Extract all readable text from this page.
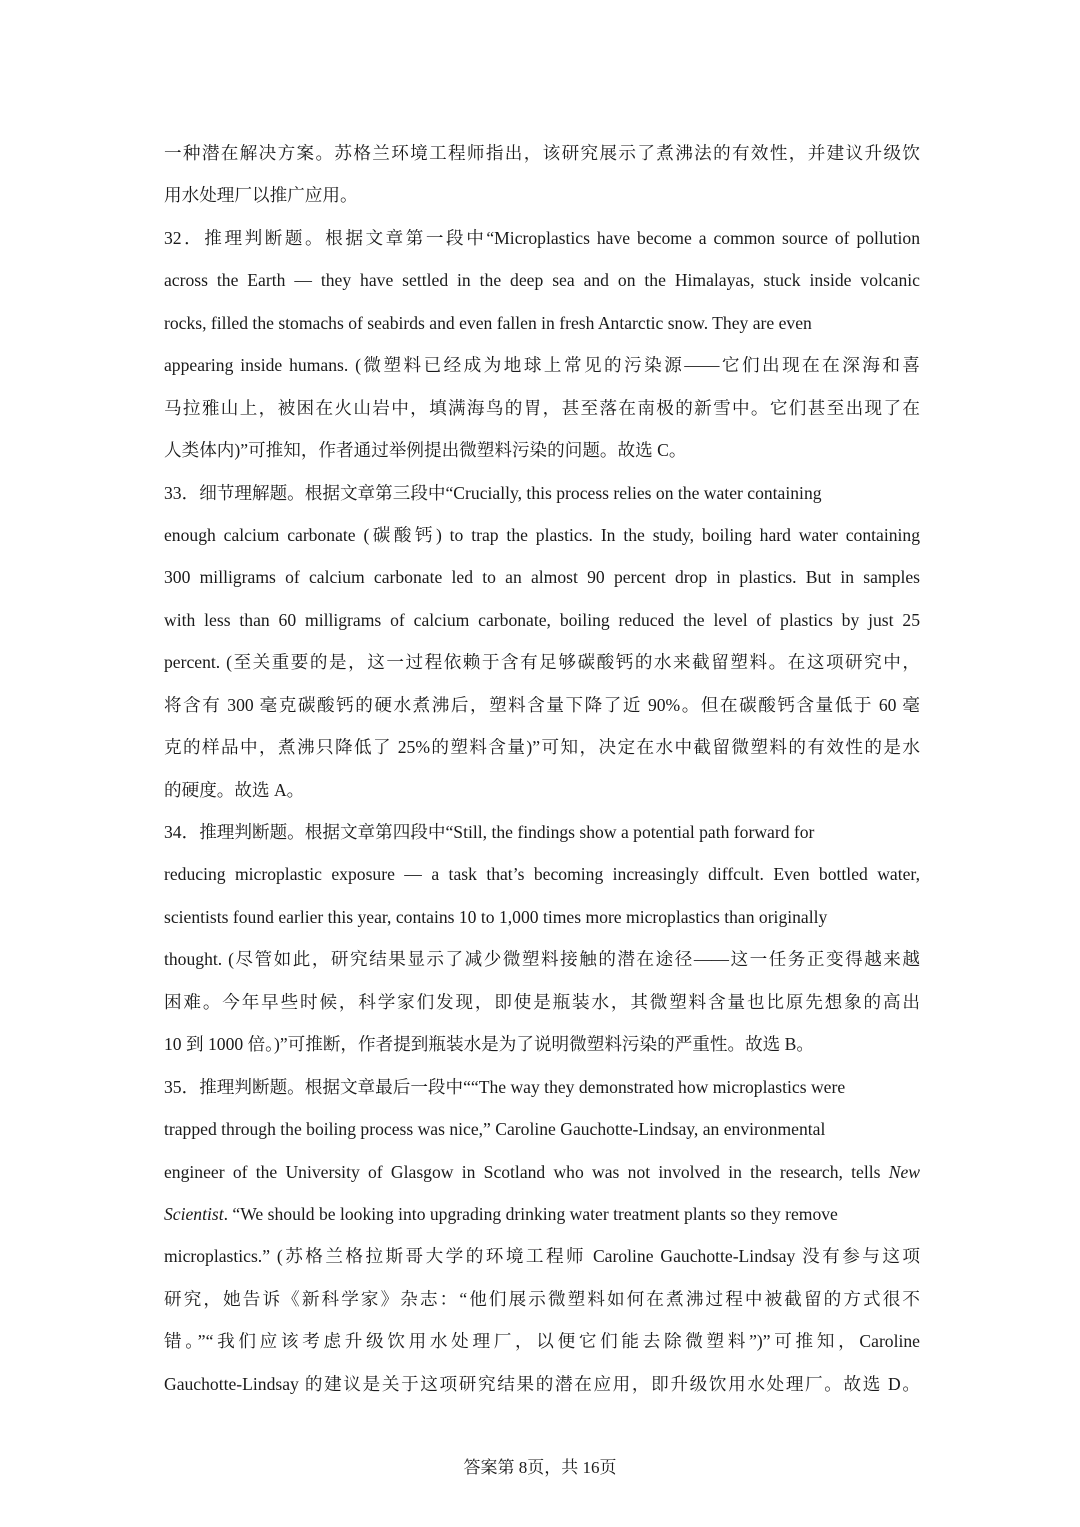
一种潜在解决方案。苏格兰环境工程师指出，该研究展示了煮沸法的有效性，并建议升级饮
用水处理厂以推广应用。
32．推理判断题。根据文章第一段中“Microplastics have become a common source of pollution
across the Earth — they have settled in the deep sea and on the Himalayas, stuck inside volcanic
rocks, filled the stomachs of seabirds and even fallen in fresh Antarctic snow. They are even
appearing inside humans. (微塑料已经成为地球上常见的污染源——它们出现在在深海和喜
马拉雅山上，被困在火山岩中，填满海鸟的胃，甚至落在南极的新雪中。它们甚至出现了在
人类体内)”可推知，作者通过举例提出微塑料污染的问题。故选 C。
33．细节理解题。根据文章第三段中“Crucially, this process relies on the water containing
enough calcium carbonate (碳酸钙) to trap the plastics. In the study, boiling hard water containing
300 milligrams of calcium carbonate led to an almost 90 percent drop in plastics. But in samples
with less than 60 milligrams of calcium carbonate, boiling reduced the level of plastics by just 25
percent. (至关重要的是，这一过程依赖于含有足够碳酸钙的水来截留塑料。在这项研究中，
将含有 300 毫克碳酸钙的硬水煮沸后，塑料含量下降了近 90%。但在碳酸钙含量低于 60 毫
克的样品中，煮沸只降低了 25%的塑料含量)”可知，决定在水中截留微塑料的有效性的是水
的硬度。故选 A。
34．推理判断题。根据文章第四段中“Still, the findings show a potential path forward for
reducing microplastic exposure — a task that’s becoming increasingly diffcult. Even bottled water,
scientists found earlier this year, contains 10 to 1,000 times more microplastics than originally
thought. (尽管如此，研究结果显示了减少微塑料接触的潜在途径——这一任务正变得越来越
困难。今年早些时候，科学家们发现，即使是瓶装水，其微塑料含量也比原先想象的高出
10 到 1000 倍。)”可推断，作者提到瓶装水是为了说明微塑料污染的严重性。故选 B。
35．推理判断题。根据文章最后一段中““The way they demonstrated how microplastics were
trapped through the boiling process was nice,” Caroline Gauchotte-Lindsay, an environmental
engineer of the University of Glasgow in Scotland who was not involved in the research, tells New
Scientist. “We should be looking into upgrading drinking water treatment plants so they remove
microplastics.” (苏格兰格拉斯哥大学的环境工程师 Caroline Gauchotte-Lindsay 没有参与这项
研究，她告诉《新科学家》杂志：“他们展示微塑料如何在煮沸过程中被截留的方式很不
错。”“我们应该考虑升级饮用水处理厂，以便它们能去除微塑料”)”可推知，Caroline
Gauchotte-Lindsay 的建议是关于这项研究结果的潜在应用，即升级饮用水处理厂。故选 D。
答案第 8页，共 16页
